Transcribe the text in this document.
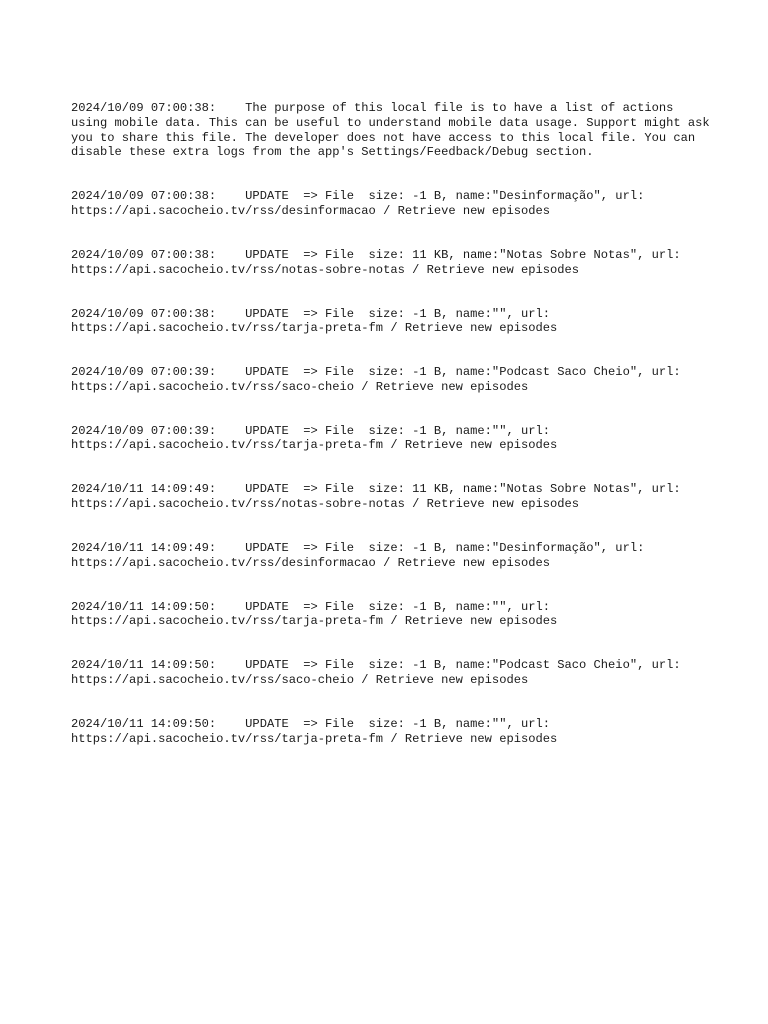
2024/10/09 07:00:38:    The purpose of this local file is to have a list of actions using mobile data. This can be useful to understand mobile data usage. Support might ask you to share this file. The developer does not have access to this local file. You can disable these extra logs from the app's Settings/Feedback/Debug section.

2024/10/09 07:00:38:    UPDATE  => File  size: -1 B, name:"Desinformação", url: https://api.sacocheio.tv/rss/desinformacao / Retrieve new episodes

2024/10/09 07:00:38:    UPDATE  => File  size: 11 KB, name:"Notas Sobre Notas", url: https://api.sacocheio.tv/rss/notas-sobre-notas / Retrieve new episodes

2024/10/09 07:00:38:    UPDATE  => File  size: -1 B, name:"", url: https://api.sacocheio.tv/rss/tarja-preta-fm / Retrieve new episodes

2024/10/09 07:00:39:    UPDATE  => File  size: -1 B, name:"Podcast Saco Cheio", url: https://api.sacocheio.tv/rss/saco-cheio / Retrieve new episodes

2024/10/09 07:00:39:    UPDATE  => File  size: -1 B, name:"", url: https://api.sacocheio.tv/rss/tarja-preta-fm / Retrieve new episodes

2024/10/11 14:09:49:    UPDATE  => File  size: 11 KB, name:"Notas Sobre Notas", url: https://api.sacocheio.tv/rss/notas-sobre-notas / Retrieve new episodes

2024/10/11 14:09:49:    UPDATE  => File  size: -1 B, name:"Desinformação", url: https://api.sacocheio.tv/rss/desinformacao / Retrieve new episodes

2024/10/11 14:09:50:    UPDATE  => File  size: -1 B, name:"", url: https://api.sacocheio.tv/rss/tarja-preta-fm / Retrieve new episodes

2024/10/11 14:09:50:    UPDATE  => File  size: -1 B, name:"Podcast Saco Cheio", url: https://api.sacocheio.tv/rss/saco-cheio / Retrieve new episodes

2024/10/11 14:09:50:    UPDATE  => File  size: -1 B, name:"", url: https://api.sacocheio.tv/rss/tarja-preta-fm / Retrieve new episodes
